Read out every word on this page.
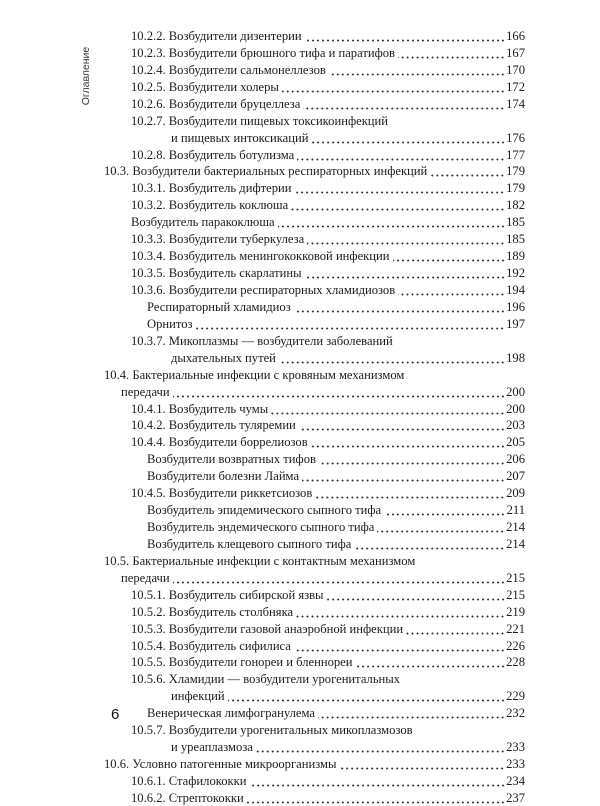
Оглавление
10.2.2. Возбудители дизентерии	166
10.2.3. Возбудители брюшного тифа и паратифов	167
10.2.4. Возбудители сальмонеллезов	170
10.2.5. Возбудители холеры	172
10.2.6. Возбудители бруцеллеза	174
10.2.7. Возбудители пищевых токсикоинфекций
и пищевых интоксикаций	176
10.2.8. Возбудитель ботулизма	177
10.3. Возбудители бактериальных респираторных инфекций	179
10.3.1. Возбудитель дифтерии	179
10.3.2. Возбудитель коклюша	182
Возбудитель паракоклюша	185
10.3.3. Возбудители туберкулеза	185
10.3.4. Возбудитель менингококковой инфекции	189
10.3.5. Возбудитель скарлатины	192
10.3.6. Возбудители респираторных хламидиозов	194
Респираторный хламидиоз	196
Орнитоз	197
10.3.7. Микоплазмы — возбудители заболеваний
дыхательных путей	198
10.4. Бактериальные инфекции с кровяным механизмом
передачи	200
10.4.1. Возбудитель чумы	200
10.4.2. Возбудитель туляремии	203
10.4.4. Возбудители боррелиозов	205
Возбудители возвратных тифов	206
Возбудители болезни Лайма	207
10.4.5. Возбудители риккетсиозов	209
Возбудитель эпидемического сыпного тифа	211
Возбудитель эндемического сыпного тифа	214
Возбудитель клещевого сыпного тифа	214
10.5. Бактериальные инфекции с контактным механизмом
передачи	215
10.5.1. Возбудитель сибирской язвы	215
10.5.2. Возбудитель столбняка	219
10.5.3. Возбудители газовой анаэробной инфекции	221
10.5.4. Возбудитель сифилиса	226
10.5.5. Возбудители гонореи и бленнореи	228
10.5.6. Хламидии — возбудители урогенитальных
инфекций	229
Венерическая лимфогранулема	232
10.5.7. Возбудители урогенитальных микоплазмозов
и уреаплазмоза	233
10.6. Условно патогенные микроорганизмы	233
10.6.1. Стафилококки	234
10.6.2. Стрептококки	237
6
